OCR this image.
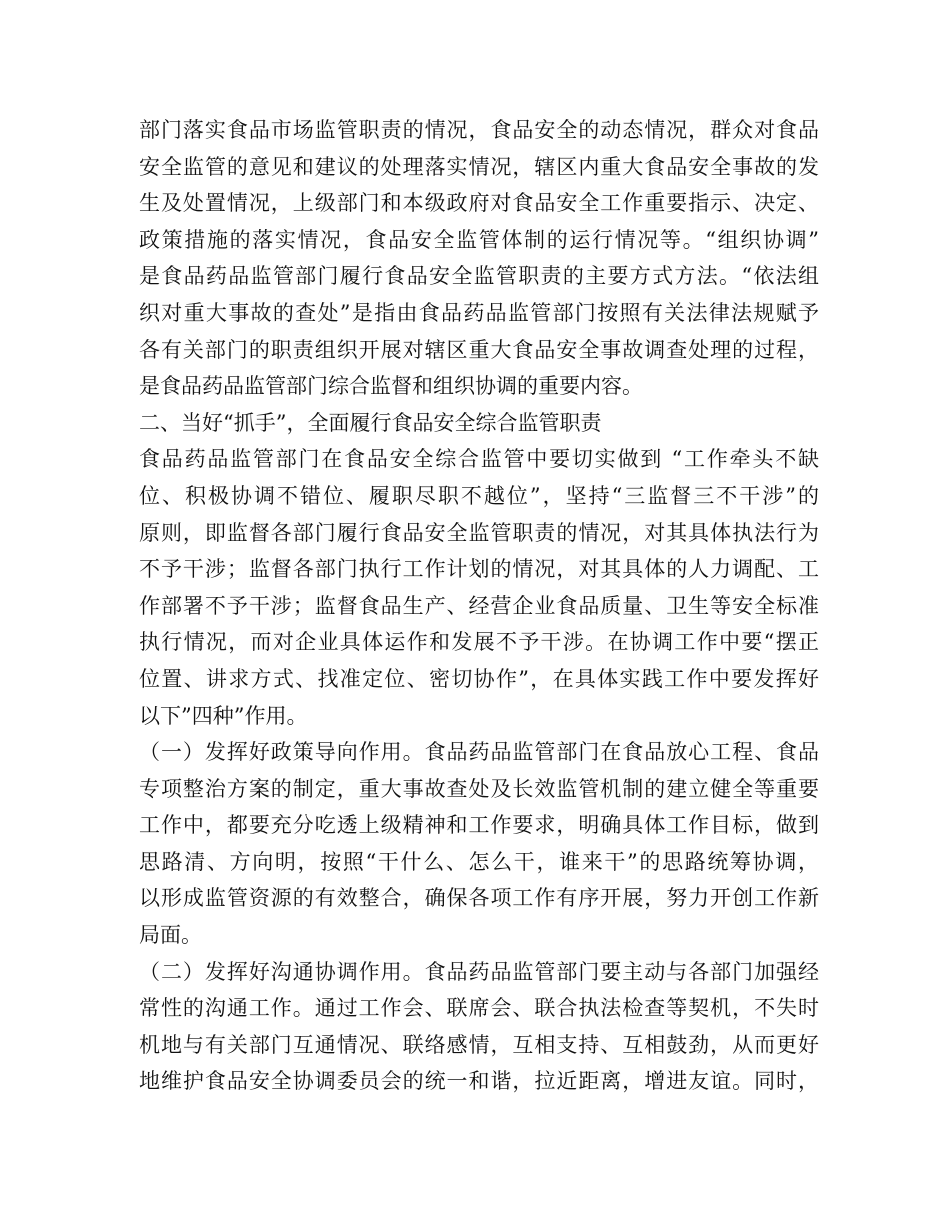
部门落实食品市场监管职责的情况，食品安全的动态情况，群众对食品
安全监管的意见和建议的处理落实情况，辖区内重大食品安全事故的发
生及处置情况，上级部门和本级政府对食品安全工作重要指示、决定、
政策措施的落实情况，食品安全监管体制的运行情况等。“组织协调”
是食品药品监管部门履行食品安全监管职责的主要方式方法。“依法组
织对重大事故的查处”是指由食品药品监管部门按照有关法律法规赋予
各有关部门的职责组织开展对辖区重大食品安全事故调查处理的过程，
是食品药品监管部门综合监督和组织协调的重要内容。
二、当好“抓手”，全面履行食品安全综合监管职责
食品药品监管部门在食品安全综合监管中要切实做到 “工作牵头不缺
位、积极协调不错位、履职尽职不越位”，坚持“三监督三不干涉”的
原则，即监督各部门履行食品安全监管职责的情况，对其具体执法行为
不予干涉；监督各部门执行工作计划的情况，对其具体的人力调配、工
作部署不予干涉；监督食品生产、经营企业食品质量、卫生等安全标准
执行情况，而对企业具体运作和发展不予干涉。在协调工作中要“摆正
位置、讲求方式、找准定位、密切协作”，在具体实践工作中要发挥好
以下”四种”作用。
（一）发挥好政策导向作用。食品药品监管部门在食品放心工程、食品
专项整治方案的制定，重大事故查处及长效监管机制的建立健全等重要
工作中，都要充分吃透上级精神和工作要求，明确具体工作目标，做到
思路清、方向明，按照“干什么、怎么干，谁来干”的思路统筹协调，
以形成监管资源的有效整合，确保各项工作有序开展，努力开创工作新
局面。
（二）发挥好沟通协调作用。食品药品监管部门要主动与各部门加强经
常性的沟通工作。通过工作会、联席会、联合执法检查等契机，不失时
机地与有关部门互通情况、联络感情，互相支持、互相鼓劲，从而更好
地维护食品安全协调委员会的统一和谐，拉近距离，增进友谊。同时，
